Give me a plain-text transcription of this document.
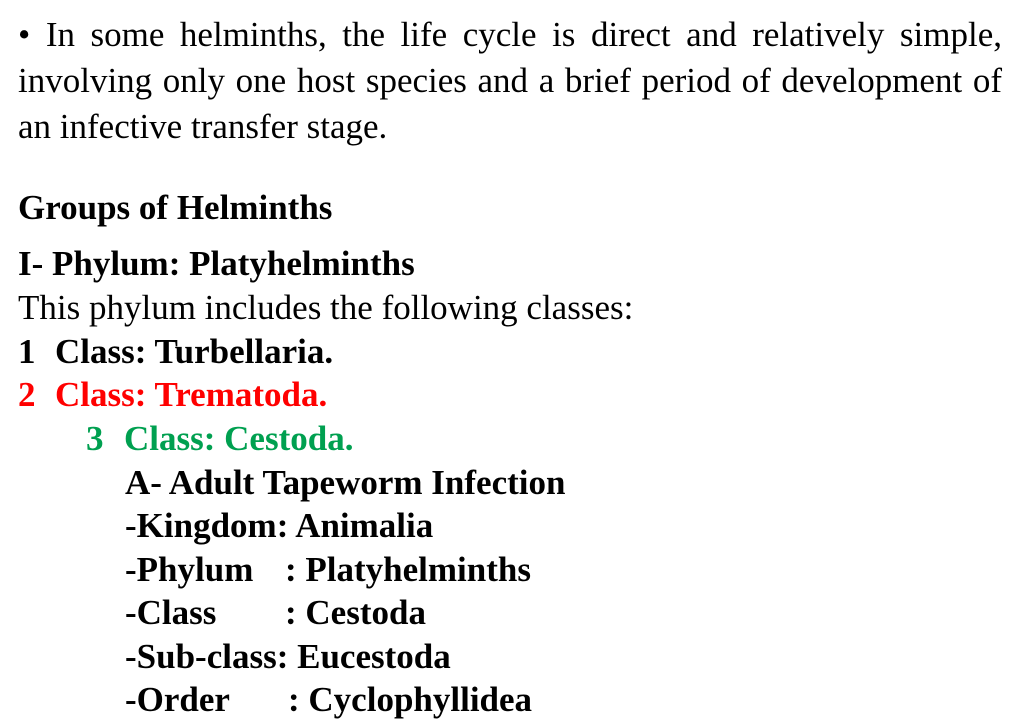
• In some helminths, the life cycle is direct and relatively simple, involving only one host species and a brief period of development of an infective transfer stage.
Groups of Helminths
I- Phylum: Platyhelminths
This phylum includes the following classes:
1 Class: Turbellaria.
2 Class: Trematoda.
3 Class: Cestoda.
A- Adult Tapeworm Infection
-Kingdom: Animalia
-Phylum : Platyhelminths
-Class : Cestoda
-Sub-class: Eucestoda
-Order : Cyclophyllidea
